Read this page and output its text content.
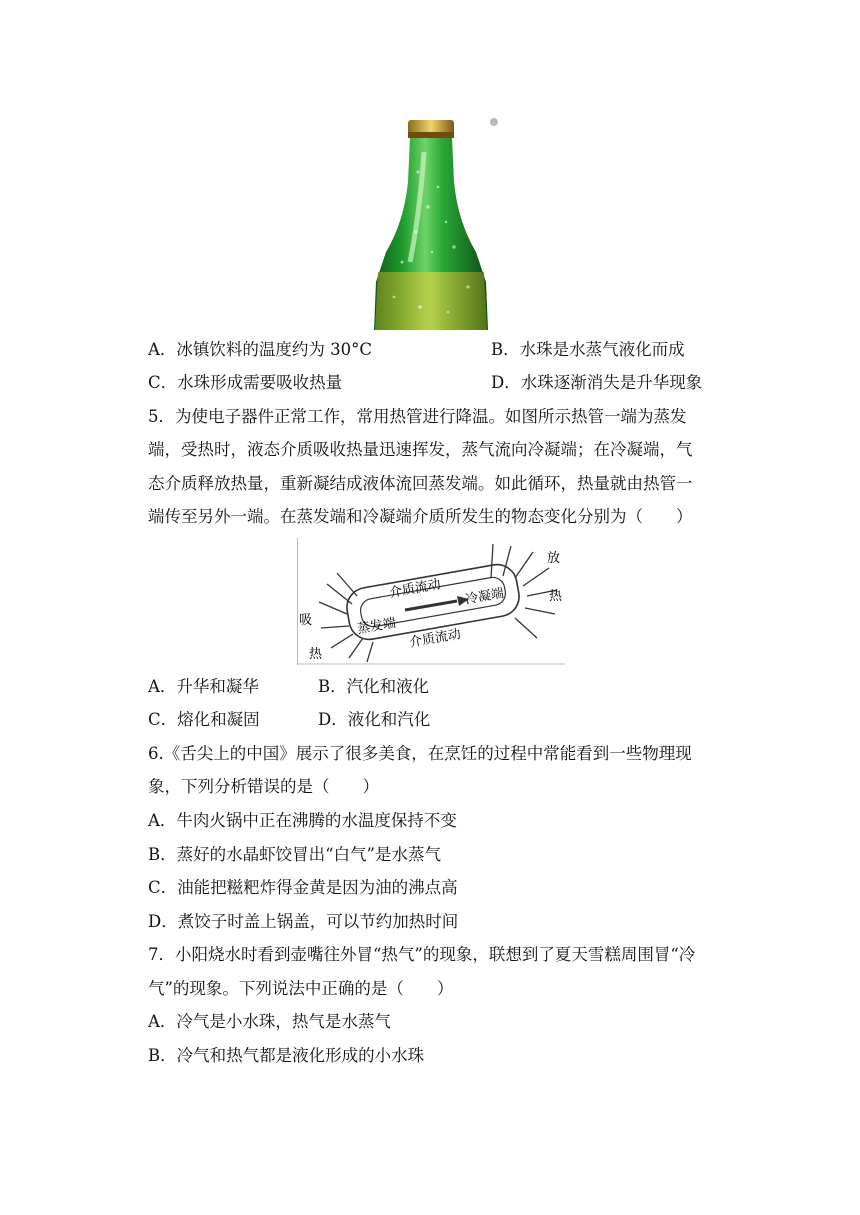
A．冰镇饮料的温度约为 30°C	B．水珠是水蒸气液化而成
C．水珠形成需要吸收热量	D．水珠逐渐消失是升华现象
5．为使电子器件正常工作，常用热管进行降温。如图所示热管一端为蒸发
端，受热时，液态介质吸收热量迅速挥发，蒸气流向冷凝端；在冷凝端，气
态介质释放热量，重新凝结成液体流回蒸发端。如此循环，热量就由热管一
端传至另外一端。在蒸发端和冷凝端介质所发生的物态变化分别为（　　）
介质流动
介质流动
蒸发端
冷凝端
吸
热
放
热
A．升华和凝华	B．汽化和液化
C．熔化和凝固	D．液化和汽化
6.《舌尖上的中国》展示了很多美食，在烹饪的过程中常能看到一些物理现
象，下列分析错误的是（　　）
A．牛肉火锅中正在沸腾的水温度保持不变
B．蒸好的水晶虾饺冒出“白气”是水蒸气
C．油能把糍粑炸得金黄是因为油的沸点高
D．煮饺子时盖上锅盖，可以节约加热时间
7．小阳烧水时看到壶嘴往外冒“热气”的现象，联想到了夏天雪糕周围冒“冷
气”的现象。下列说法中正确的是（　　）
A．冷气是小水珠，热气是水蒸气
B．冷气和热气都是液化形成的小水珠
